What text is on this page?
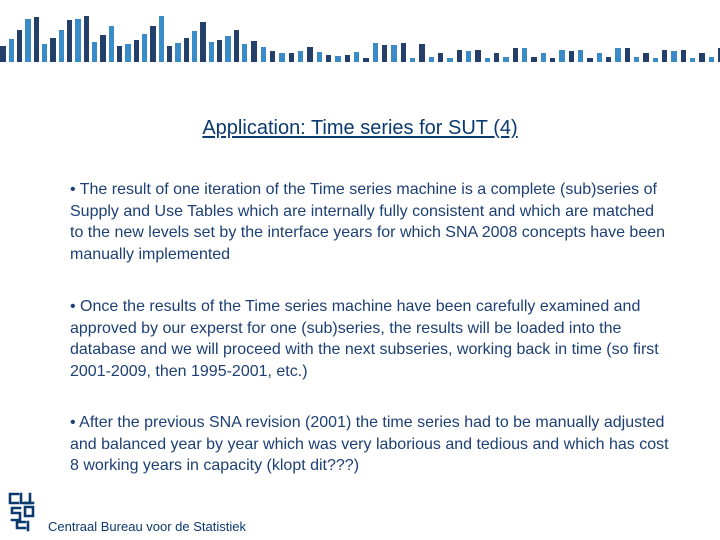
Application: Time series for SUT (4)
• The result of one iteration of the Time series machine is a complete (sub)series of Supply and Use Tables which are internally fully consistent and which are matched to the new levels set by the interface years for which SNA 2008 concepts have been manually implemented
• Once the results of the Time series machine have been carefully examined and approved by our experst for one (sub)series, the results will be loaded into the database and we will proceed with the next subseries, working back in time (so first 2001-2009, then 1995-2001, etc.)
• After the previous SNA revision (2001) the time series had to be manually adjusted and balanced year by year which was very laborious and tedious and which has cost 8 working years in capacity (klopt dit???)
Centraal Bureau voor de Statistiek
